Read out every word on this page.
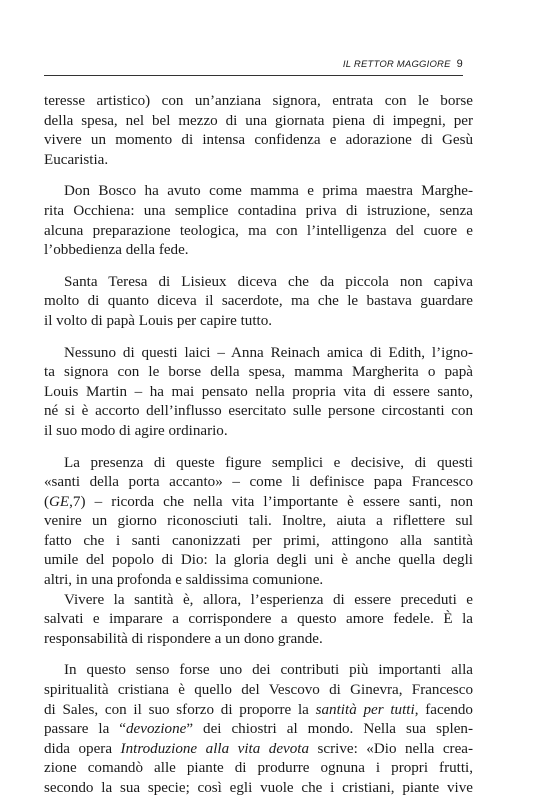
IL RETTOR MAGGIORE 9

teresse artistico) con un’anziana signora, entrata con le borse
della spesa, nel bel mezzo di una giornata piena di impegni, per
vivere un momento di intensa confidenza e adorazione di Gesù
Eucaristia.

Don Bosco ha avuto come mamma e prima maestra Marghe-
rita Occhiena: una semplice contadina priva di istruzione, senza
alcuna preparazione teologica, ma con l’intelligenza del cuore e
l’obbedienza della fede.

Santa Teresa di Lisieux diceva che da piccola non capiva
molto di quanto diceva il sacerdote, ma che le bastava guardare
il volto di papà Louis per capire tutto.

Nessuno di questi laici – Anna Reinach amica di Edith, l’igno-
ta signora con le borse della spesa, mamma Margherita o papà
Louis Martin – ha mai pensato nella propria vita di essere santo,
né si è accorto dell’influsso esercitato sulle persone circostanti con
il suo modo di agire ordinario.

La presenza di queste figure semplici e decisive, di questi
«santi della porta accanto» – come li definisce papa Francesco
(GE,7) – ricorda che nella vita l’importante è essere santi, non
venire un giorno riconosciuti tali. Inoltre, aiuta a riflettere sul
fatto che i santi canonizzati per primi, attingono alla santità
umile del popolo di Dio: la gloria degli uni è anche quella degli
altri, in una profonda e saldissima comunione.

Vivere la santità è, allora, l’esperienza di essere preceduti e
salvati e imparare a corrispondere a questo amore fedele. È la
responsabilità di rispondere a un dono grande.

In questo senso forse uno dei contributi più importanti alla
spiritualità cristiana è quello del Vescovo di Ginevra, Francesco
di Sales, con il suo sforzo di proporre la santità per tutti, facendo
passare la “devozione” dei chiostri al mondo. Nella sua splen-
dida opera Introduzione alla vita devota scrive: «Dio nella crea-
zione comandò alle piante di produrre ognuna i propri frutti,
secondo la sua specie; così egli vuole che i cristiani, piante vive
